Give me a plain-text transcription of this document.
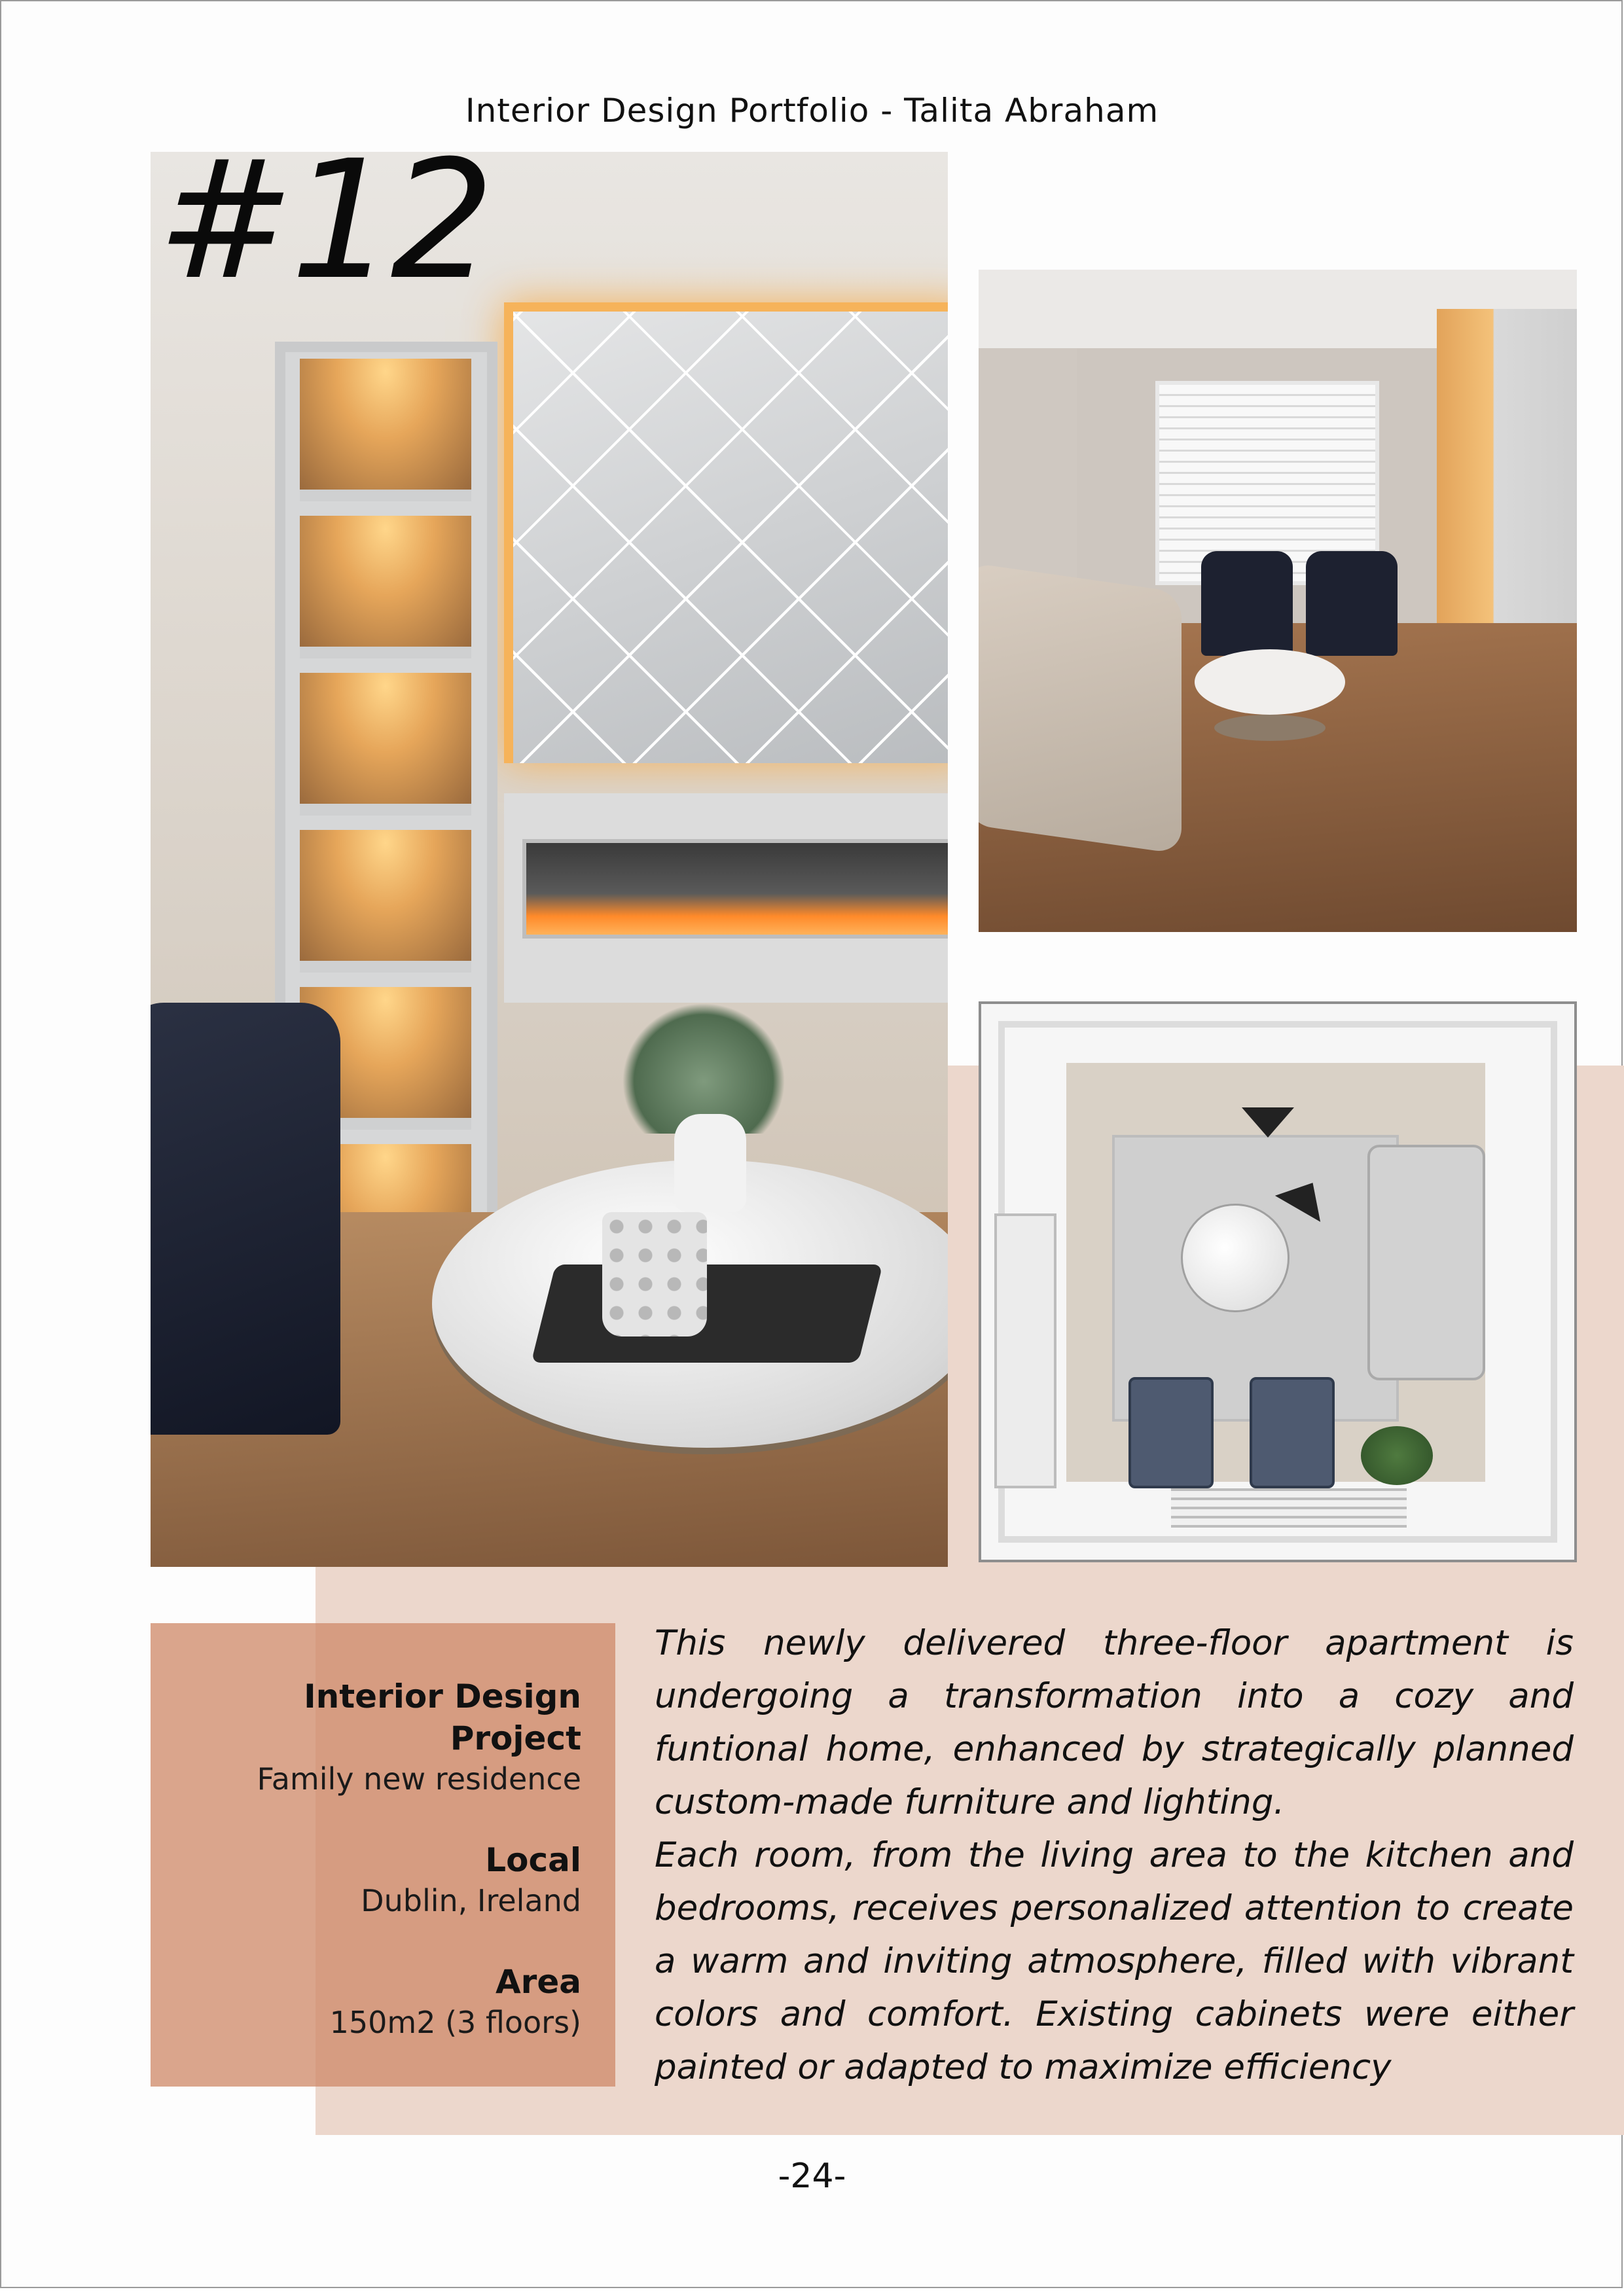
Interior Design Portfolio - Talita Abraham
#12

Interior Design Project

Family new residence

Local

Dublin, Ireland

Area

150m2 (3 floors)

This newly delivered three-floor apartment is undergoing a transformation into a cozy and funtional home, enhanced by strategically planned custom-made furniture and lighting.

Each room, from the living area to the kitchen and bedrooms, receives personalized attention to create a warm and inviting atmosphere, filled with vibrant colors and comfort. Existing cabinets were either painted or adapted to maximize efficiency

-24-
